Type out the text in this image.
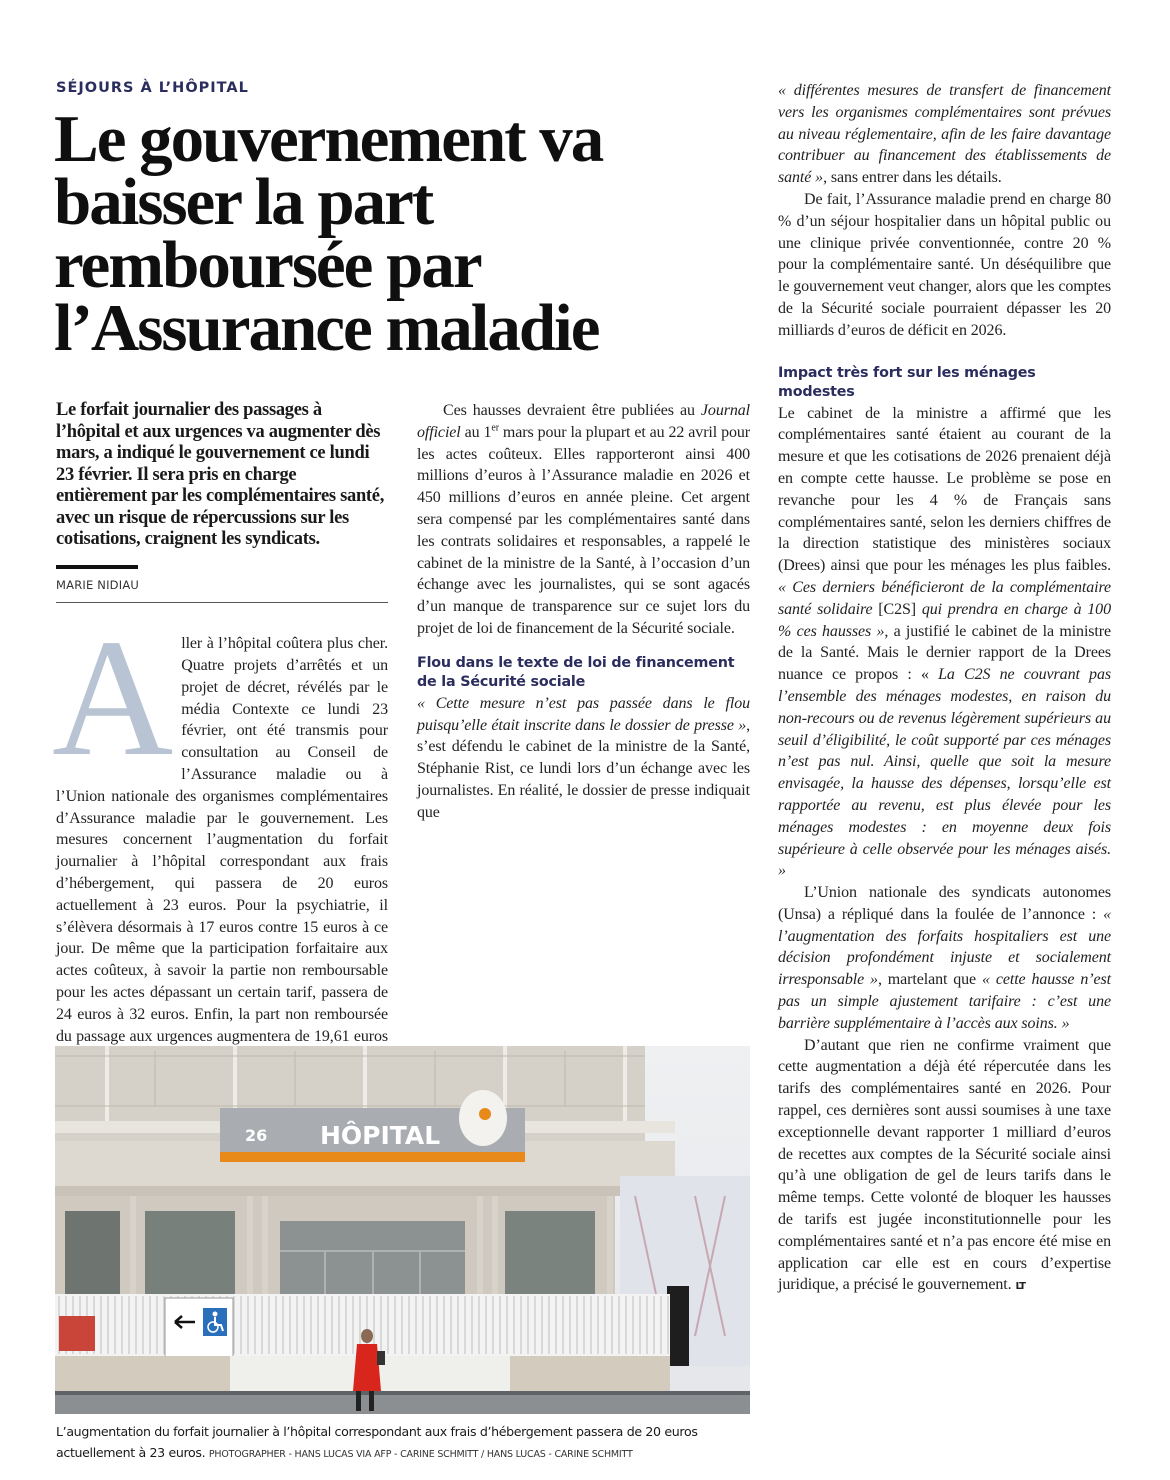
SÉJOURS À L’HÔPITAL
Le gouvernement va baisser la part remboursée par l’Assurance maladie

Le forfait journalier des passages à l’hôpital et aux urgences va augmenter dès mars, a indiqué le gouvernement ce lundi 23 février. Il sera pris en charge entièrement par les complémentaires santé, avec un risque de répercussions sur les cotisations, craignent les syndicats.

MARIE NIDIAU
A ller à l’hôpital coûtera plus cher. Quatre projets d’arrêtés et un projet de décret, révélés par le média Contexte ce lundi 23 février, ont été transmis pour consultation au Conseil de l’Assurance maladie ou à l’Union nationale des organismes complémentaires d’Assurance maladie par le gouvernement. Les mesures concernent l’augmentation du forfait journalier à l’hôpital correspondant aux frais d’hébergement, qui passera de 20 euros actuellement à 23 euros. Pour la psychiatrie, il s’élèvera désormais à 17 euros contre 15 euros à ce jour. De même que la participation forfaitaire aux actes coûteux, à savoir la partie non remboursable pour les actes dépassant un certain tarif, passera de 24 euros à 32 euros. Enfin, la part non remboursée du passage aux urgences augmentera de 19,61 euros

Ces hausses devraient être publiées au Journal officiel au 1er mars pour la plupart et au 22 avril pour les actes coûteux. Elles rapporteront ainsi 400 millions d’euros à l’Assurance maladie en 2026 et 450 millions d’euros en année pleine. Cet argent sera compensé par les complémentaires santé dans les contrats solidaires et responsables, a rappelé le cabinet de la ministre de la Santé, à l’occasion d’un échange avec les journalistes, qui se sont agacés d’un manque de transparence sur ce sujet lors du projet de loi de financement de la Sécurité sociale.

Flou dans le texte de loi de financement de la Sécurité sociale

« Cette mesure n’est pas passée dans le flou puisqu’elle était inscrite dans le dossier de presse », s’est défendu le cabinet de la ministre de la Santé, Stéphanie Rist, ce lundi lors d’un échange avec les journalistes. En réalité, le dossier de presse indiquait que

« différentes mesures de transfert de financement vers les organismes complémentaires sont prévues au niveau réglementaire, afin de les faire davantage contribuer au financement des établissements de santé », sans entrer dans les détails.

De fait, l’Assurance maladie prend en charge 80 % d’un séjour hospitalier dans un hôpital public ou une clinique privée conventionnée, contre 20 % pour la complémentaire santé. Un déséquilibre que le gouvernement veut changer, alors que les comptes de la Sécurité sociale pourraient dépasser les 20 milliards d’euros de déficit en 2026.

Impact très fort sur les ménages modestes

Le cabinet de la ministre a affirmé que les complémentaires santé étaient au courant de la mesure et que les cotisations de 2026 prenaient déjà en compte cette hausse. Le problème se pose en revanche pour les 4 % de Français sans complémentaires santé, selon les derniers chiffres de la direction statistique des ministères sociaux (Drees) ainsi que pour les ménages les plus faibles. « Ces derniers bénéficieront de la complémentaire santé solidaire [C2S] qui prendra en charge à 100 % ces hausses », a justifié le cabinet de la ministre de la Santé. Mais le dernier rapport de la Drees nuance ce propos : « La C2S ne couvrant pas l’ensemble des ménages modestes, en raison du non-recours ou de revenus légèrement supérieurs au seuil d’éligibilité, le coût supporté par ces ménages n’est pas nul. Ainsi, quelle que soit la mesure envisagée, la hausse des dépenses, lorsqu’elle est rapportée au revenu, est plus élevée pour les ménages modestes : en moyenne deux fois supérieure à celle observée pour les ménages aisés. »

L’Union nationale des syndicats autonomes (Unsa) a répliqué dans la foulée de l’annonce : « l’augmentation des forfaits hospitaliers est une décision profondément injuste et socialement irresponsable », martelant que « cette hausse n’est pas un simple ajustement tarifaire : c’est une barrière supplémentaire à l’accès aux soins. »

D’autant que rien ne confirme vraiment que cette augmentation a déjà été répercutée dans les tarifs des complémentaires santé en 2026. Pour rappel, ces dernières sont aussi soumises à une taxe exceptionnelle devant rapporter 1 milliard d’euros de recettes aux comptes de la Sécurité sociale ainsi qu’à une obligation de gel de leurs tarifs dans le même temps. Cette volonté de bloquer les hausses de tarifs est jugée inconstitutionnelle pour les complémentaires santé et n’a pas encore été mise en application car elle est en cours d’expertise juridique, a précisé le gouvernement. LT

26 HÔPITAL
L’augmentation du forfait journalier à l’hôpital correspondant aux frais d’hébergement passera de 20 euros actuellement à 23 euros. PHOTOGRAPHER - HANS LUCAS VIA AFP - CARINE SCHMITT / HANS LUCAS - CARINE SCHMITT
